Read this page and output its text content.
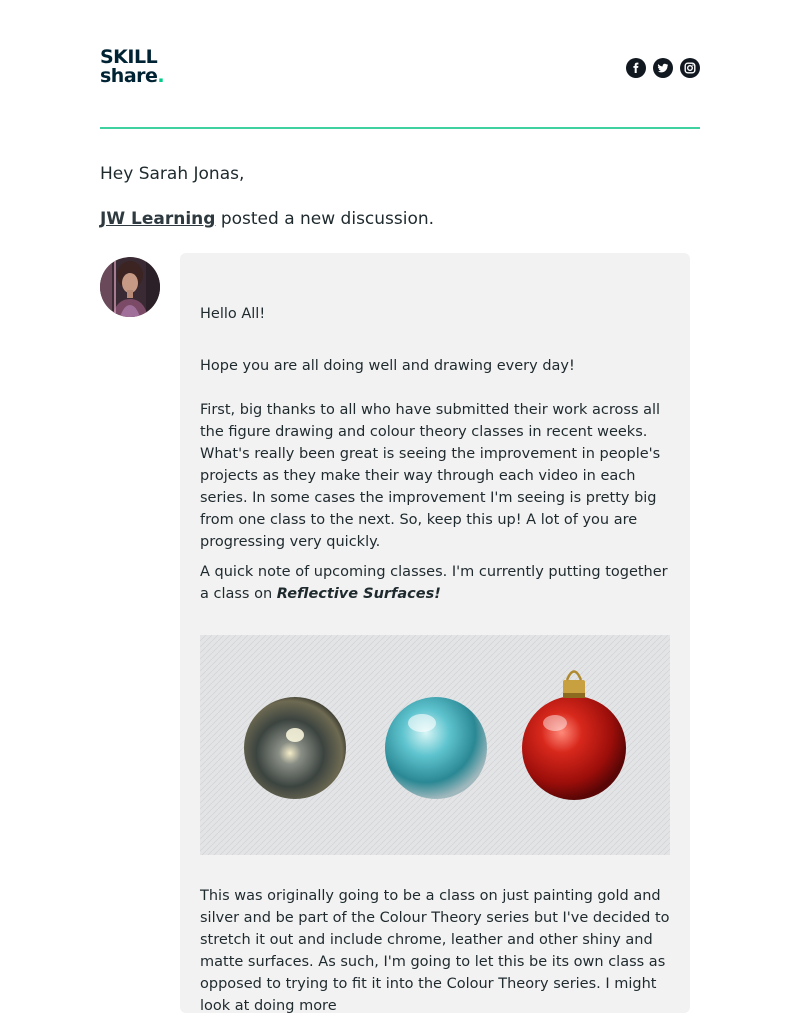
SKILL
share.
Hey Sarah Jonas,
JW Learning posted a new discussion.

Hello All!

Hope you are all doing well and drawing every day!

First, big thanks to all who have submitted their work across all the figure drawing and colour theory classes in recent weeks. What's really been great is seeing the improvement in people's projects as they make their way through each video in each series. In some cases the improvement I'm seeing is pretty big from one class to the next. So, keep this up! A lot of you are progressing very quickly.

A quick note of upcoming classes. I'm currently putting together a class on Reflective Surfaces!

This was originally going to be a class on just painting gold and silver and be part of the Colour Theory series but I've decided to stretch it out and include chrome, leather and other shiny and matte surfaces. As such, I'm going to let this be its own class as opposed to trying to fit it into the Colour Theory series. I might look at doing more
